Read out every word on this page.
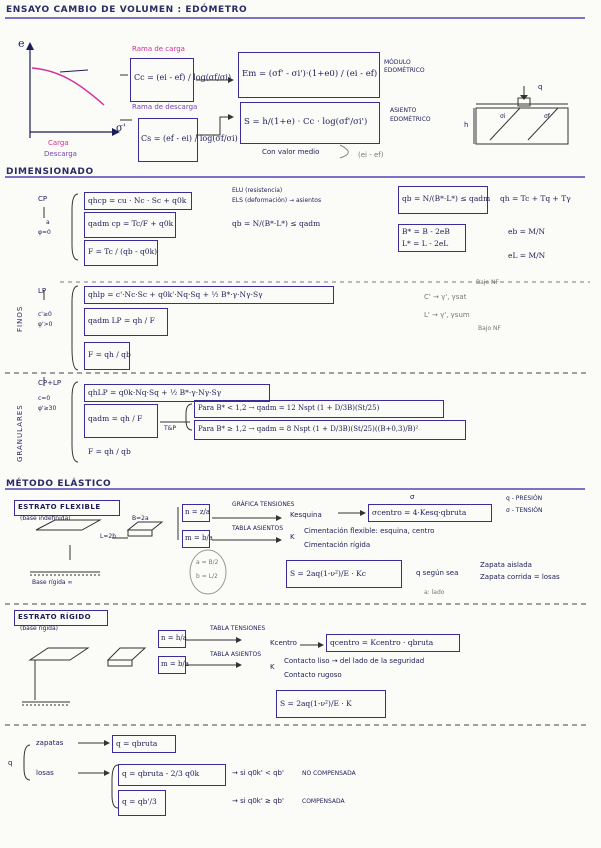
ENSAYO CAMBIO DE VOLUMEN : EDÓMETRO
e
σ'
Rama de carga
Rama de descarga
Carga
Descarga
Cc = (ei - ef) / log(σf/σi)
Cs = (ef - ei) / log(σf/σi)
Em = (σf' - σi')·(1+e0) / (ei - ef)
MÓDULO
EDOMÉTRICO
S = h/(1+e) · Cc · log(σf'/σi')
ASIENTO
EDOMÉTRICO
Con valor medio	(ei - ef)
q
h
σi	σf
DIMENSIONADO
CP
a
φ=0
qhcp = cu · Nc · Sc + q0k
qadm cp = Tc/F + q0k
F = Tc / (qb - q0k)
ELU (resistencia)
ELS (deformación) → asientos
qb = N/(B*·L*) ≤ qadm
qb = N/(B*·L*) ≤ qadm qh = Tc + Tq + Tγ
B* = B - 2eB
L* = L - 2eL
eb = M/N
eL = M/N
LP
c'≥0
φ'>0
FINOS
qhlp = c'·Nc·Sc + q0k'·Nq·Sq + ½ B*·γ·Nγ·Sγ
qadm LP = qh / F
F = qh / qb
Bajo NF
C' → γ', γsat
L' → γ', γsum
Bajo NF
CP+LP
c=0
φ'≥30
GRANULARES
qhLP = q0k·Nq·Sq + ½ B*·γ·Nγ·Sγ
qadm = qh / F
T&P
Para B* < 1,2 → qadm = 12 Nspt (1 + D/3B)(St/25)
Para B* ≥ 1,2 → qadm = 8 Nspt (1 + D/3B)(St/25)((B+0,3)/B)²
F = qh / qb
MÉTODO ELÁSTICO
ESTRATO FLEXIBLE
(base indefinida)
Base rígida ∞
B=2a
L=2b
n = z/a
m = b/a
GRÁFICA TENSIONES
TABLA ASIENTOS
Kesquina
σ
σcentro = 4·Kesq·qbruta
q - PRESIÓN
σ - TENSIÓN
K
Cimentación flexible: esquina, centro
Cimentación rígida
a = B/2
b = L/2	S = 2aq(1-ν²)/E · Kc	q según sea
Zapata aislada
Zapata corrida = losas
a: lado
ESTRATO RÍGIDO
(base rígida)
n = h/a
m = b/a
TABLA TENSIONES
TABLA ASIENTOS
Kcentro	qcentro = Kcentro · qbruta
K
Contacto liso → del lado de la seguridad
Contacto rugoso
S = 2aq(1-ν²)/E · K
q
zapatas
losas
q = qbruta
q = qbruta - 2/3 q0k	→ si q0k' < qb'	NO COMPENSADA
q = qb'/3	→ si q0k' ≥ qb'	COMPENSADA
